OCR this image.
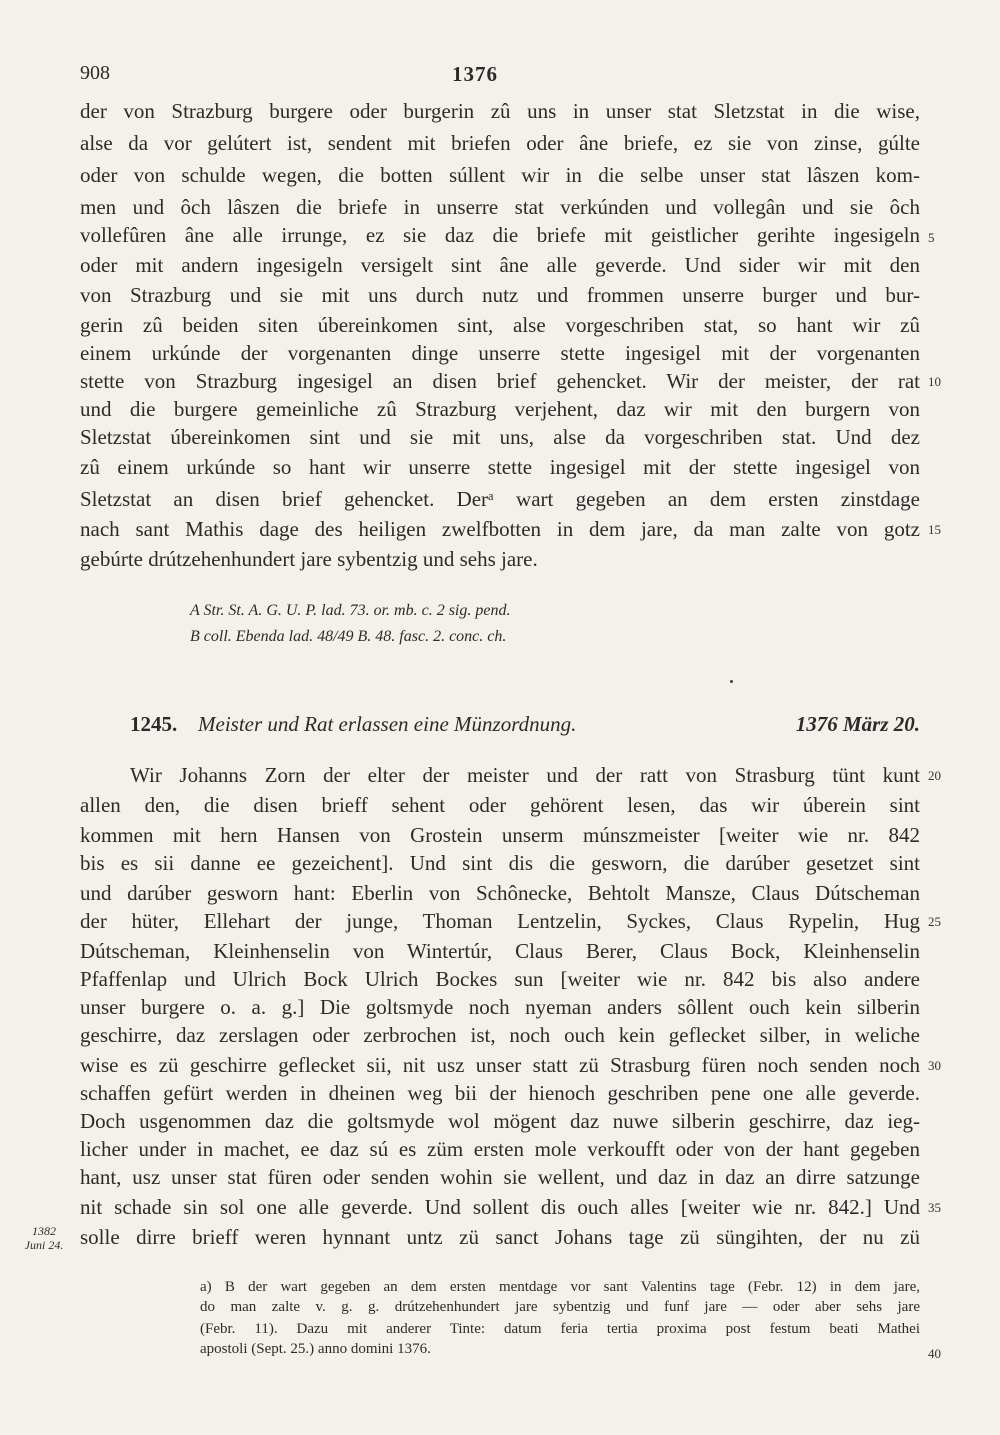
908	1376
der von Strazburg burgere oder burgerin zû uns in unser stat Sletzstat in die wise,
alse da vor gelútert ist, sendent mit briefen oder âne briefe, ez sie von zinse, gúlte
oder von schulde wegen, die botten súllent wir in die selbe unser stat lâszen kom-
men und ôch lâszen die briefe in unserre stat verkúnden und vollegân und sie ôch
vollefûren âne alle irrunge, ez sie daz die briefe mit geistlicher gerihte ingesigeln
oder mit andern ingesigeln versigelt sint âne alle geverde. Und sider wir mit den
von Strazburg und sie mit uns durch nutz und frommen unserre burger und bur-
gerin zû beiden siten úbereinkomen sint, alse vorgeschriben stat, so hant wir zû
einem urkúnde der vorgenanten dinge unserre stette ingesigel mit der vorgenanten
stette von Strazburg ingesigel an disen brief gehencket. Wir der meister, der rat
und die burgere gemeinliche zû Strazburg verjehent, daz wir mit den burgern von
Sletzstat úbereinkomen sint und sie mit uns, alse da vorgeschriben stat. Und dez
zû einem urkúnde so hant wir unserre stette ingesigel mit der stette ingesigel von
Sletzstat an disen brief gehencket. Derᵃ wart gegeben an dem ersten zinstdage
nach sant Mathis dage des heiligen zwelfbotten in dem jare, da man zalte von gotz
gebúrte drútzehenhundert jare sybentzig und sehs jare.
5
10
15
A Str. St. A. G. U. P. lad. 73. or. mb. c. 2 sig. pend.
B coll. Ebenda lad. 48/49 B. 48. fasc. 2. conc. ch.
1245. Meister und Rat erlassen eine Münzordnung.	1376 März 20.
Wir Johanns Zorn der elter der meister und der ratt von Strasburg tünt kunt
allen den, die disen brieff sehent oder gehörent lesen, das wir úberein sint
kommen mit hern Hansen von Grostein unserm múnszmeister [weiter wie nr. 842
bis es sii danne ee gezeichent]. Und sint dis die gesworn, die darúber gesetzet sint
und darúber gesworn hant: Eberlin von Schônecke, Behtolt Mansze, Claus Dútscheman
der hüter, Ellehart der junge, Thoman Lentzelin, Syckes, Claus Rypelin, Hug
Dútscheman, Kleinhenselin von Wintertúr, Claus Berer, Claus Bock, Kleinhenselin
Pfaffenlap und Ulrich Bock Ulrich Bockes sun [weiter wie nr. 842 bis also andere
unser burgere o. a. g.] Die goltsmyde noch nyeman anders sôllent ouch kein silberin
geschirre, daz zerslagen oder zerbrochen ist, noch ouch kein geflecket silber, in weliche
wise es zü geschirre geflecket sii, nit usz unser statt zü Strasburg füren noch senden noch
schaffen gefürt werden in dheinen weg bii der hienoch geschriben pene one alle geverde.
Doch usgenommen daz die goltsmyde wol mögent daz nuwe silberin geschirre, daz ieg-
licher under in machet, ee daz sú es züm ersten mole verkoufft oder von der hant gegeben
hant, usz unser stat füren oder senden wohin sie wellent, und daz in daz an dirre satzunge
nit schade sin sol one alle geverde. Und sollent dis ouch alles [weiter wie nr. 842.] Und
solle dirre brieff weren hynnant untz zü sanct Johans tage zü süngihten, der nu zü
20
25
30
35
40
1382
Juni 24.
a) B der wart gegeben an dem ersten mentdage vor sant Valentins tage (Febr. 12) in dem jare,
do man zalte v. g. g. drútzehenhundert jare sybentzig und funf jare — oder aber sehs jare
(Febr. 11). Dazu mit anderer Tinte: datum feria tertia proxima post festum beati Mathei
apostoli (Sept. 25.) anno domini 1376.
